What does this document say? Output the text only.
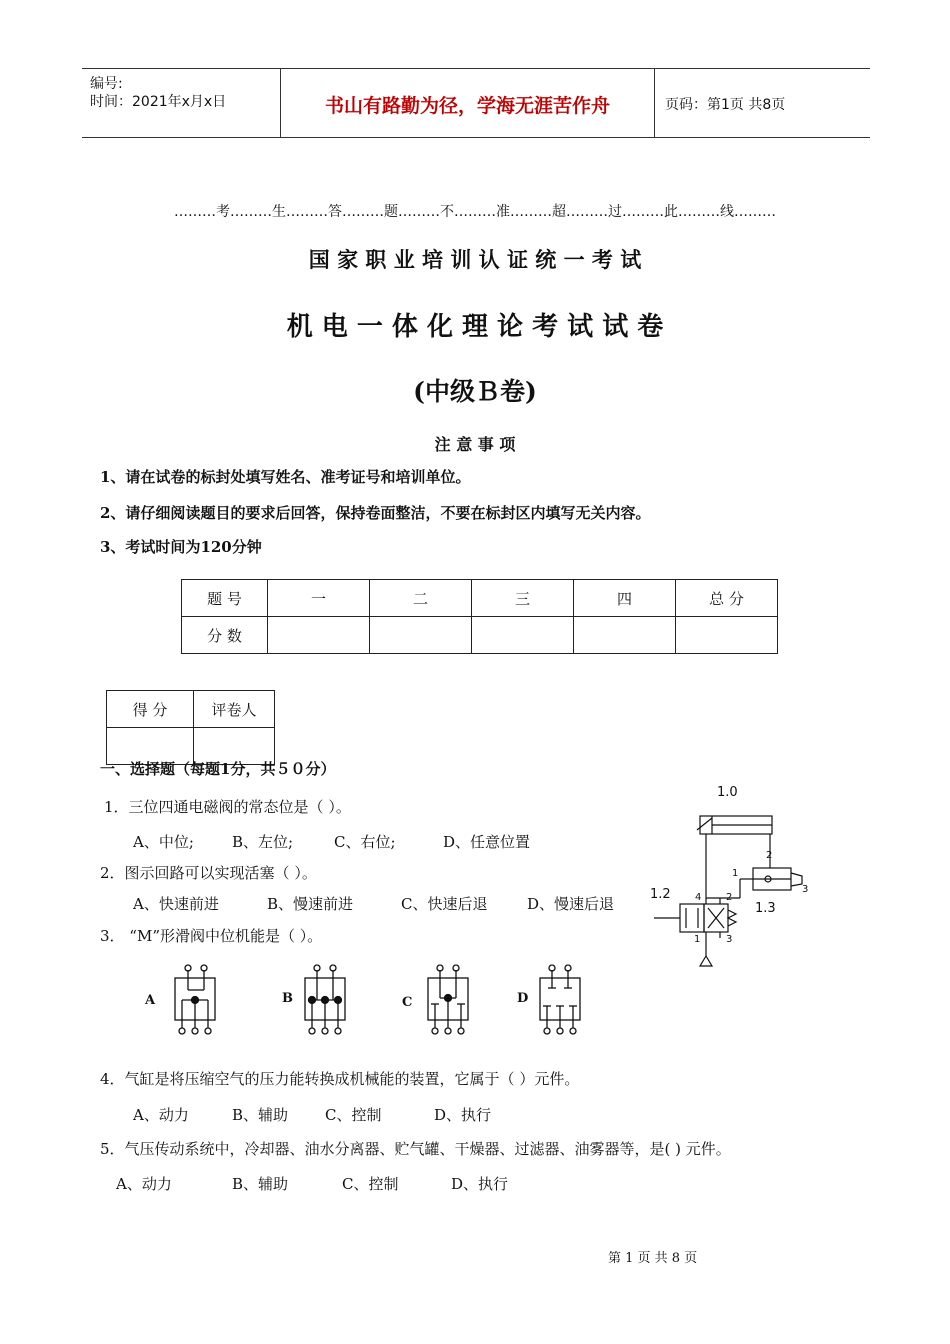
编号:
时间：2021年x月x日	书山有路勤为径，学海无涯苦作舟	页码：第1页 共8页
………考………生………答………题………不………准………超………过………此………线………
国 家 职 业 培 训 认 证 统 一 考 试
机 电 一 体 化 理 论 考 试 试 卷
(中级Ｂ卷)
注 意 事 项
1、请在试卷的标封处填写姓名、准考证号和培训单位。
2、请仔细阅读题目的要求后回答，保持卷面整洁，不要在标封区内填写无关内容。
3、考试时间为120分钟
题 号	一	二	三	四	总 分
分 数					
得 分	评卷人

一、选择题（每题1分，共５０分）
1．三位四通电磁阀的常态位是（ ）。
A、中位;	B、左位;	C、右位;	D、任意位置
2．图示回路可以实现活塞（ ）。
A、快速前进	B、慢速前进	C、快速后退	D、慢速后退
3． “M”形滑阀中位机能是（ ）。
A	B	C	D
1.0
1
2
3
1.3
4 2
1.2
1	3
4．气缸是将压缩空气的压力能转换成机械能的装置，它属于（ ）元件。
A、动力	B、辅助 C、控制	D、执行
5．气压传动系统中，冷却器、油水分离器、贮气罐、干燥器、过滤器、油雾器等，是( ) 元件。
A、动力	B、辅助	C、控制	D、执行
第 1 页 共 8 页
